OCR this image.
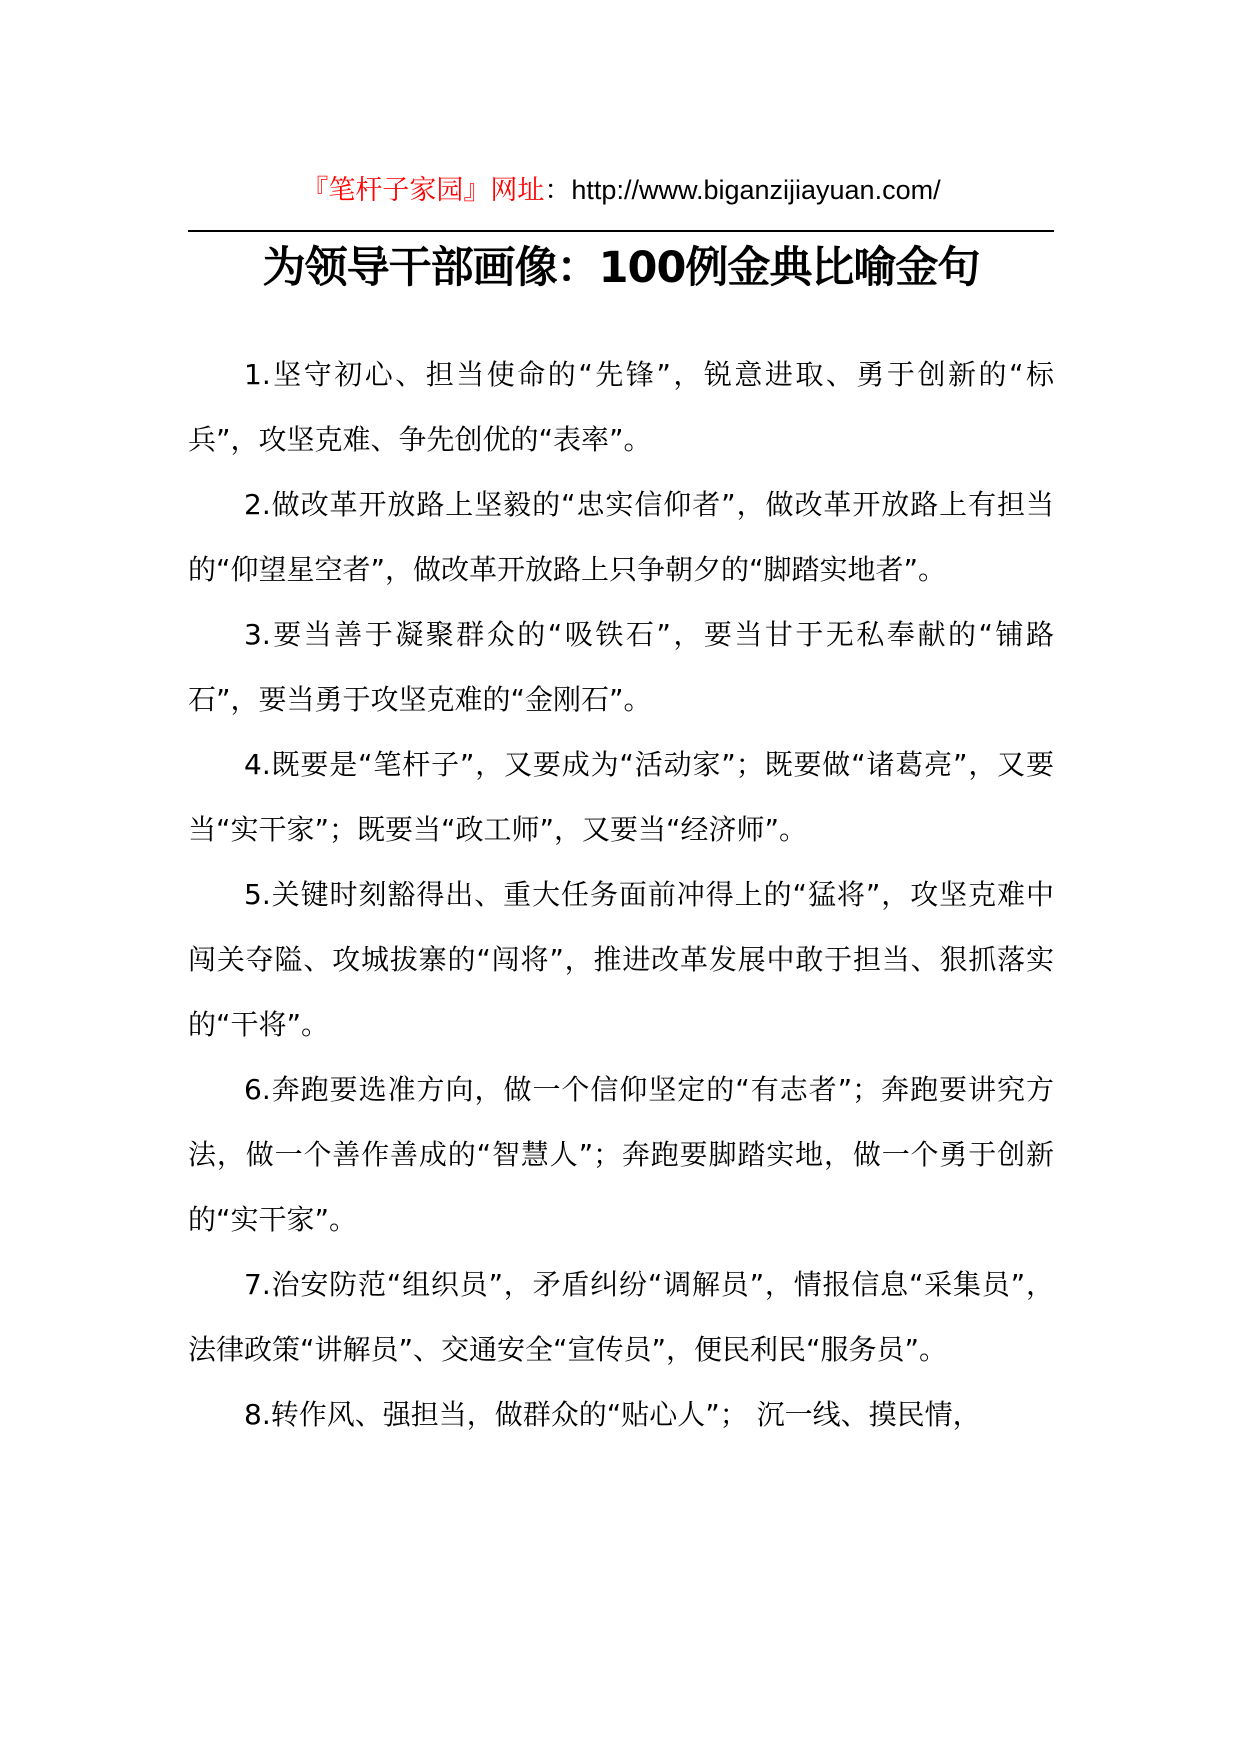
『笔杆子家园』网址：http://www.biganzijiayuan.com/
为领导干部画像：100例金典比喻金句

1.坚守初心、担当使命的“先锋”，锐意进取、勇于创新的“标兵”，攻坚克难、争先创优的“表率”。

2.做改革开放路上坚毅的“忠实信仰者”，做改革开放路上有担当的“仰望星空者”，做改革开放路上只争朝夕的“脚踏实地者”。

3.要当善于凝聚群众的“吸铁石”，要当甘于无私奉献的“铺路石”，要当勇于攻坚克难的“金刚石”。

4.既要是“笔杆子”，又要成为“活动家”；既要做“诸葛亮”，又要当“实干家”；既要当“政工师”，又要当“经济师”。

5.关键时刻豁得出、重大任务面前冲得上的“猛将”，攻坚克难中闯关夺隘、攻城拔寨的“闯将”，推进改革发展中敢于担当、狠抓落实的“干将”。

6.奔跑要选准方向，做一个信仰坚定的“有志者”；奔跑要讲究方法，做一个善作善成的“智慧人”；奔跑要脚踏实地，做一个勇于创新的“实干家”。

7.治安防范“组织员”，矛盾纠纷“调解员”，情报信息“采集员”，法律政策“讲解员”、交通安全“宣传员”，便民利民“服务员”。

8.转作风、强担当，做群众的“贴心人”； 沉一线、摸民情，
